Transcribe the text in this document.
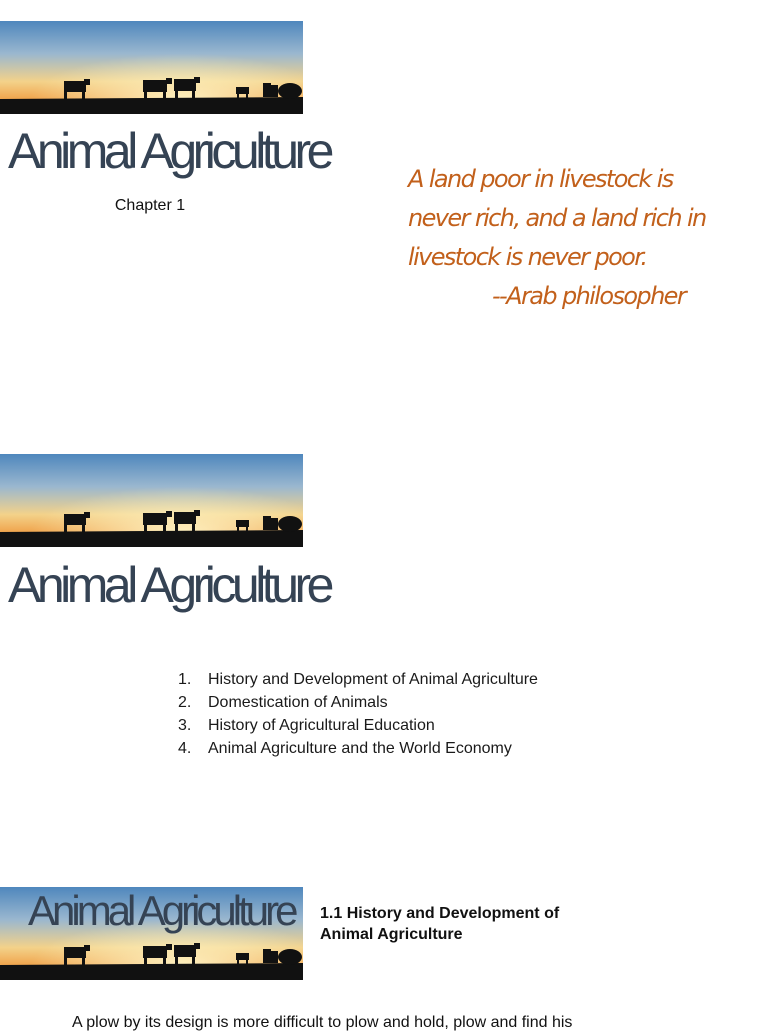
Animal Agriculture
Chapter 1
A land poor in livestock is
never rich, and a land rich in
livestock is never poor.
--Arab philosopher
Animal Agriculture
1. History and Development of Animal Agriculture
2. Domestication of Animals
3. History of Agricultural Education
4. Animal Agriculture and the World Economy
Animal Agriculture 1.1 History and Development of
Animal Agriculture
A plow by its design is more difficult to plow and hold, plow and find his
